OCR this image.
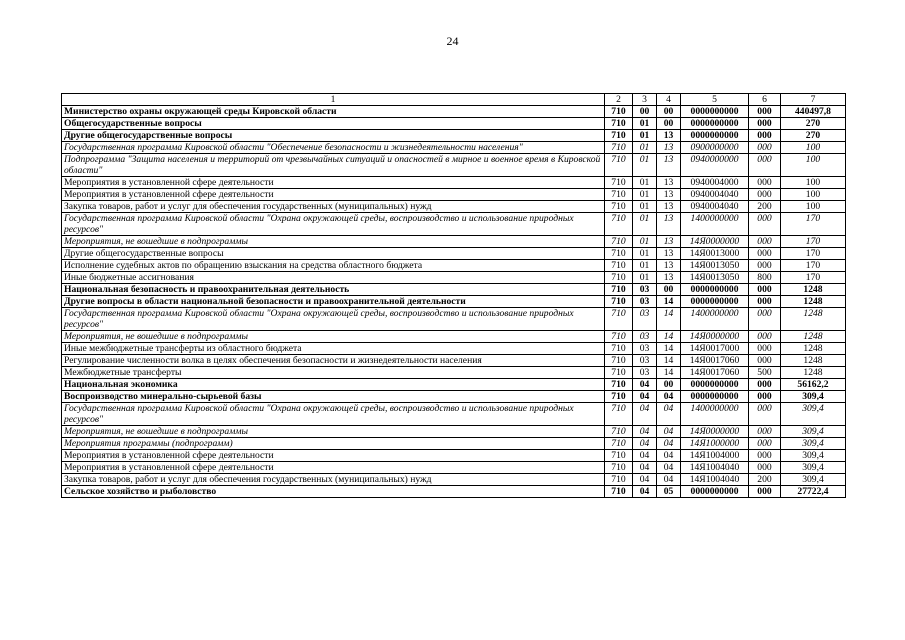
24
1	2	3	4	5	6	7
Министерство охраны окружающей среды Кировской области	710	00	00	0000000000	000	440497,8
Общегосударственные вопросы	710	01	00	0000000000	000	270
Другие общегосударственные вопросы	710	01	13	0000000000	000	270
Государственная программа Кировской области "Обеспечение безопасности и жизнедеятельности населения"	710	01	13	0900000000	000	100
Подпрограмма "Защита населения и территорий от чрезвычайных ситуаций и опасностей в мирное и военное время в Кировской области"	710	01	13	0940000000	000	100
Мероприятия в установленной сфере деятельности	710	01	13	0940004000	000	100
Мероприятия в установленной сфере деятельности	710	01	13	0940004040	000	100
Закупка товаров, работ и услуг для обеспечения государственных (муниципальных) нужд	710	01	13	0940004040	200	100
Государственная программа Кировской области "Охрана окружающей среды, воспроизводство и использование природных ресурсов"	710	01	13	1400000000	000	170
Мероприятия, не вошедшие в подпрограммы	710	01	13	14Я0000000	000	170
Другие общегосударственные вопросы	710	01	13	14Я0013000	000	170
Исполнение судебных актов по обращению взыскания на средства областного бюджета	710	01	13	14Я0013050	000	170
Иные бюджетные ассигнования	710	01	13	14Я0013050	800	170
Национальная безопасность и правоохранительная деятельность	710	03	00	0000000000	000	1248
Другие вопросы в области национальной безопасности и правоохранительной деятельности	710	03	14	0000000000	000	1248
Государственная программа Кировской области "Охрана окружающей среды, воспроизводство и использование природных ресурсов"	710	03	14	1400000000	000	1248
Мероприятия, не вошедшие в подпрограммы	710	03	14	14Я0000000	000	1248
Иные межбюджетные трансферты из областного бюджета	710	03	14	14Я0017000	000	1248
Регулирование численности волка в целях обеспечения безопасности и жизнедеятельности населения	710	03	14	14Я0017060	000	1248
Межбюджетные трансферты	710	03	14	14Я0017060	500	1248
Национальная экономика	710	04	00	0000000000	000	56162,2
Воспроизводство минерально-сырьевой базы	710	04	04	0000000000	000	309,4
Государственная программа Кировской области "Охрана окружающей среды, воспроизводство и использование природных ресурсов"	710	04	04	1400000000	000	309,4
Мероприятия, не вошедшие в подпрограммы	710	04	04	14Я0000000	000	309,4
Мероприятия программы (подпрограмм)	710	04	04	14Я1000000	000	309,4
Мероприятия в установленной сфере деятельности	710	04	04	14Я1004000	000	309,4
Мероприятия в установленной сфере деятельности	710	04	04	14Я1004040	000	309,4
Закупка товаров, работ и услуг для обеспечения государственных (муниципальных) нужд	710	04	04	14Я1004040	200	309,4
Сельское хозяйство и рыболовство	710	04	05	0000000000	000	27722,4
